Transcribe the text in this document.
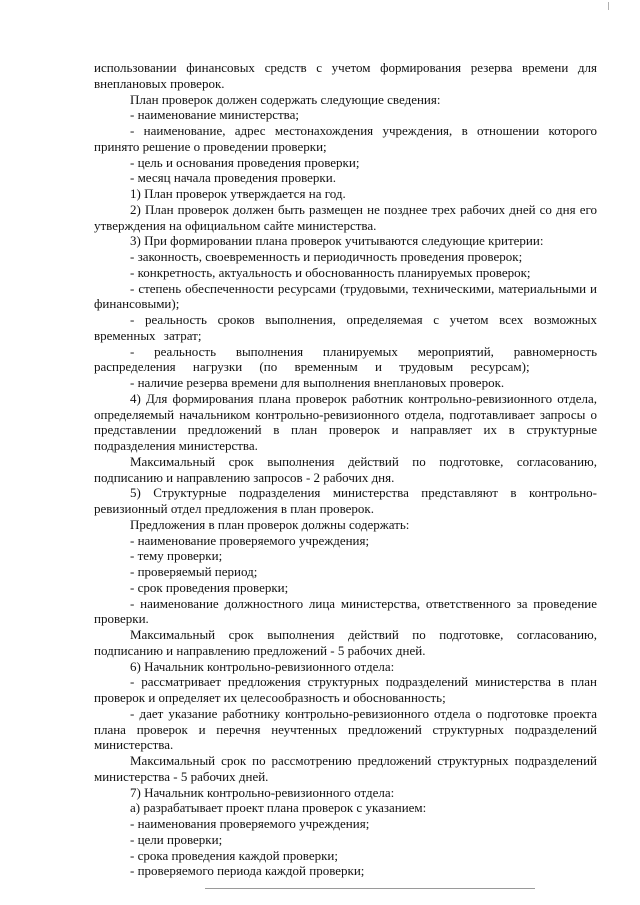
использовании финансовых средств с учетом формирования резерва времени для внеплановых проверок.

План проверок должен содержать следующие сведения:

- наименование министерства;

- наименование, адрес местонахождения учреждения, в отношении которого принято решение о проведении проверки;

- цель и основания проведения проверки;

- месяц начала проведения проверки.

1) План проверок утверждается на год.

2) План проверок должен быть размещен не позднее трех рабочих дней со дня его утверждения на официальном сайте министерства.

3) При формировании плана проверок учитываются следующие критерии:

- законность, своевременность и периодичность проведения проверок;

- конкретность, актуальность и обоснованность планируемых проверок;

- степень обеспеченности ресурсами (трудовыми, техническими, материальными и финансовыми);

- реальность сроков выполнения, определяемая с учетом всех возможных временных затрат;

- реальность выполнения планируемых мероприятий, равномерность распределения нагрузки (по временным и трудовым ресурсам);

- наличие резерва времени для выполнения внеплановых проверок.

4) Для формирования плана проверок работник контрольно-ревизионного отдела, определяемый начальником контрольно-ревизионного отдела, подготавливает запросы о представлении предложений в план проверок и направляет их в структурные подразделения министерства.

Максимальный срок выполнения действий по подготовке, согласованию, подписанию и направлению запросов - 2 рабочих дня.

5) Структурные подразделения министерства представляют в контрольно-ревизионный отдел предложения в план проверок.

Предложения в план проверок должны содержать:

- наименование проверяемого учреждения;

- тему проверки;

- проверяемый период;

- срок проведения проверки;

- наименование должностного лица министерства, ответственного за проведение проверки.

Максимальный срок выполнения действий по подготовке, согласованию, подписанию и направлению предложений - 5 рабочих дней.

6) Начальник контрольно-ревизионного отдела:

- рассматривает предложения структурных подразделений министерства в план проверок и определяет их целесообразность и обоснованность;

- дает указание работнику контрольно-ревизионного отдела о подготовке проекта плана проверок и перечня неучтенных предложений структурных подразделений министерства.

Максимальный срок по рассмотрению предложений структурных подразделений министерства - 5 рабочих дней.

7) Начальник контрольно-ревизионного отдела:

а) разрабатывает проект плана проверок с указанием:

- наименования проверяемого учреждения;

- цели проверки;

- срока проведения каждой проверки;

- проверяемого периода каждой проверки;
